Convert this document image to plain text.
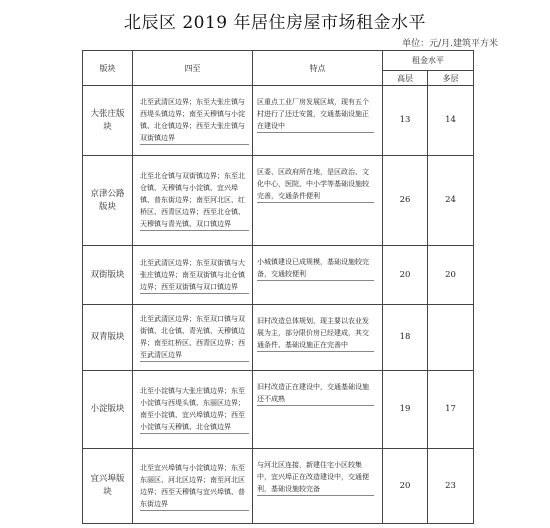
北辰区 2019 年居住房屋市场租金水平
单位：元/月.建筑平方米
版块	四至	特点	租金水平	
			高层	多层
大张庄版块	北至武清区边界；东至大张庄镇与西堤头镇边界；南至天穆镇与小淀镇、北仓镇边界；西至大张庄镇与双街镇边界	区重点工业厂房发展区域，现有五个村进行了还迁安置，交通基础设施正在建设中	13	14
京津公路版块	北至北仓镇与双街镇边界；东至北仓镇、天穆镇与小淀镇、宜兴埠镇、普东街边界；南至河北区、红桥区、西青区边界；西至北仓镇、天穆镇与青光镇、双口镇边界	区委、区政府所在地，是区政治、文化中心，医院、中小学等基础设施较完善，交通条件便利	26	24
双街版块	北至武清区边界；东至双街镇与大张庄镇边界；南至双街镇与北仓镇边界；西至双街镇与双口镇边界	小城镇建设已成规模，基础设施较完备，交通较便利	20	20
双青版块	北至武清区边界；东至双口镇与双街镇、北仓镇、青光镇、天穆镇边界；南至红桥区、西青区边界；西至武清区边界	旧村改造总体规划，现主要以农业发展为主，部分限价房已经建成，其交通条件、基础设施正在完善中	18	
小淀版块	北至小淀镇与大张庄镇边界；东至小淀镇与西堤头镇、东丽区边界；南至小淀镇、宜兴埠镇边界；西至小淀镇与天穆镇、北仓镇边界	旧村改造正在建设中，交通基础设施还不成熟	19	17
宜兴埠版块	北至宜兴埠镇与小淀镇边界；东至东丽区、河北区边界；南至河北区边界；西至天穆镇与宜兴埠镇、普东街边界	与河北区连接，新建住宅小区较集中，宜兴埠正在改造建设中，交通便利，基础设施较完备	20	23
